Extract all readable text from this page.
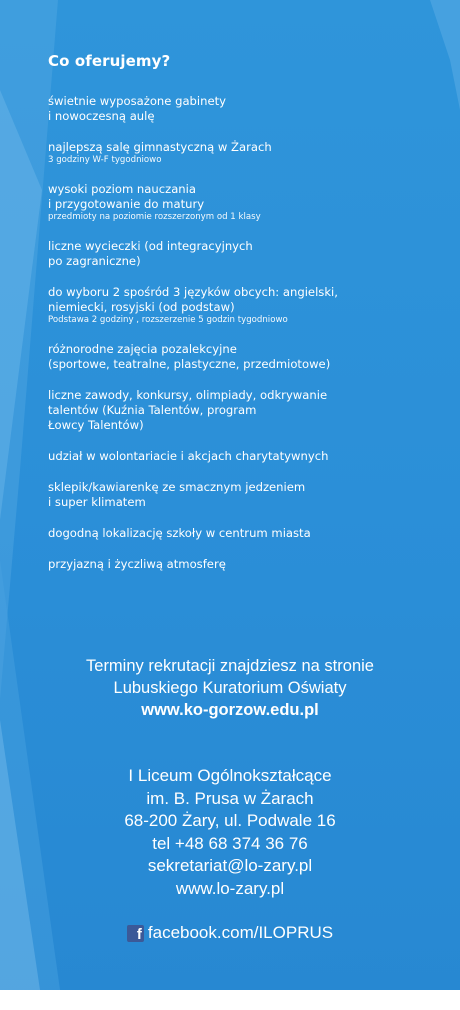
Co oferujemy?
świetnie wyposażone gabinety
i nowoczesną aulę
najlepszą salę gimnastyczną w Żarach
3 godziny W-F tygodniowo
wysoki poziom nauczania
i przygotowanie do matury
przedmioty na poziomie rozszerzonym od 1 klasy
liczne wycieczki (od integracyjnych
po zagraniczne)
do wyboru 2 spośród 3 języków obcych: angielski,
niemiecki, rosyjski (od podstaw)
Podstawa 2 godziny , rozszerzenie 5 godzin tygodniowo
różnorodne zajęcia pozalekcyjne
(sportowe, teatralne, plastyczne, przedmiotowe)
liczne zawody, konkursy, olimpiady, odkrywanie
talentów (Kuźnia Talentów, program
Łowcy Talentów)
udział w wolontariacie i akcjach charytatywnych
sklepik/kawiarenkę ze smacznym jedzeniem
i super klimatem
dogodną lokalizację szkoły w centrum miasta
przyjazną i życzliwą atmosferę
Terminy rekrutacji znajdziesz na stronie
Lubuskiego Kuratorium Oświaty
www.ko-gorzow.edu.pl
I Liceum Ogólnokształcące
im. B. Prusa w Żarach
68-200 Żary, ul. Podwale 16
tel +48 68 374 36 76
sekretariat@lo-zary.pl
www.lo-zary.pl
f facebook.com/ILOPRUS
